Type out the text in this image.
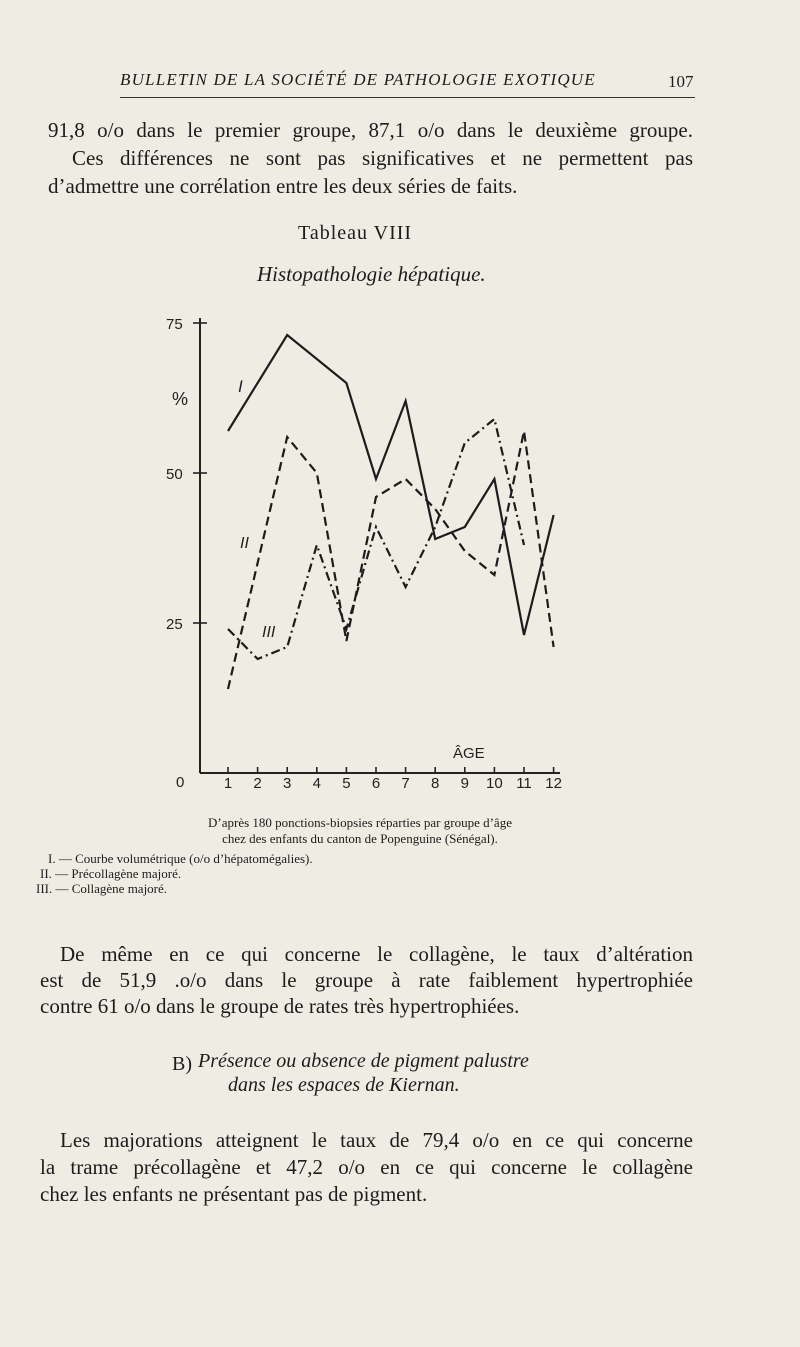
BULLETIN DE LA SOCIÉTÉ DE PATHOLOGIE EXOTIQUE	107
91,8 o/o dans le premier groupe, 87,1 o/o dans le deuxième groupe.
Ces différences ne sont pas significatives et ne permettent pas
d’admettre une corrélation entre les deux séries de faits.
Tableau VIII
Histopathologie hépatique.
0
25
50
75
1 2 3 4 5 6 7 8 9 10 11 12
%
ÂGE
I
II
III
D’après 180 ponctions-biopsies réparties par groupe d’âge
chez des enfants du canton de Popenguine (Sénégal).
I. — Courbe volumétrique (o/o d’hépatomégalies).
II. — Précollagène majoré.
III. — Collagène majoré.
De même en ce qui concerne le collagène, le taux d’altération
est de 51,9 .o/o dans le groupe à rate faiblement hypertrophiée
contre 61 o/o dans le groupe de rates très hypertrophiées.
B) Présence ou absence de pigment palustre
dans les espaces de Kiernan.
Les majorations atteignent le taux de 79,4 o/o en ce qui concerne
la trame précollagène et 47,2 o/o en ce qui concerne le collagène
chez les enfants ne présentant pas de pigment.
